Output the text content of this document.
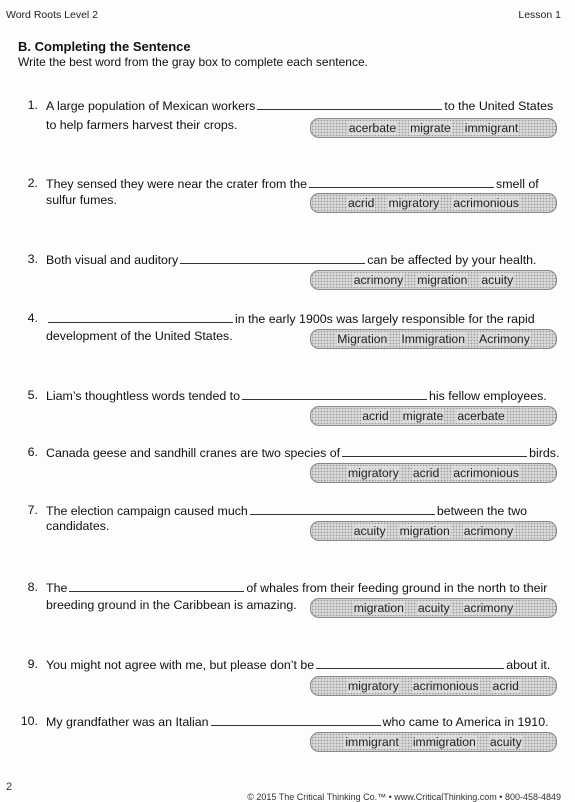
Word Roots Level 2	Lesson 1
B. Completing the Sentence
Write the best word from the gray box to complete each sentence.
1. A large population of Mexican workers	to the United States
to help farmers harvest their crops.	acerbate migrate immigrant
2. They sensed they were near the crater from the	smell of
sulfur fumes.	acrid migratory acrimonious
3. Both visual and auditory	can be affected by your health.
acrimony migration acuity
4.	in the early 1900s was largely responsible for the rapid
development of the United States.	Migration Immigration Acrimony
5. Liam’s thoughtless words tended to	his fellow employees.
acrid migrate acerbate
6. Canada geese and sandhill cranes are two species of	birds.
migratory acrid acrimonious
7. The election campaign caused much	between the two
candidates.	acuity migration acrimony
8. The	of whales from their feeding ground in the north to their
breeding ground in the Caribbean is amazing.	migration acuity acrimony
9. You might not agree with me, but please don’t be	about it.
migratory acrimonious acrid
10. My grandfather was an Italian	who came to America in 1910.
immigrant immigration acuity
2
© 2015 The Critical Thinking Co.™ • www.CriticalThinking.com • 800-458-4849
